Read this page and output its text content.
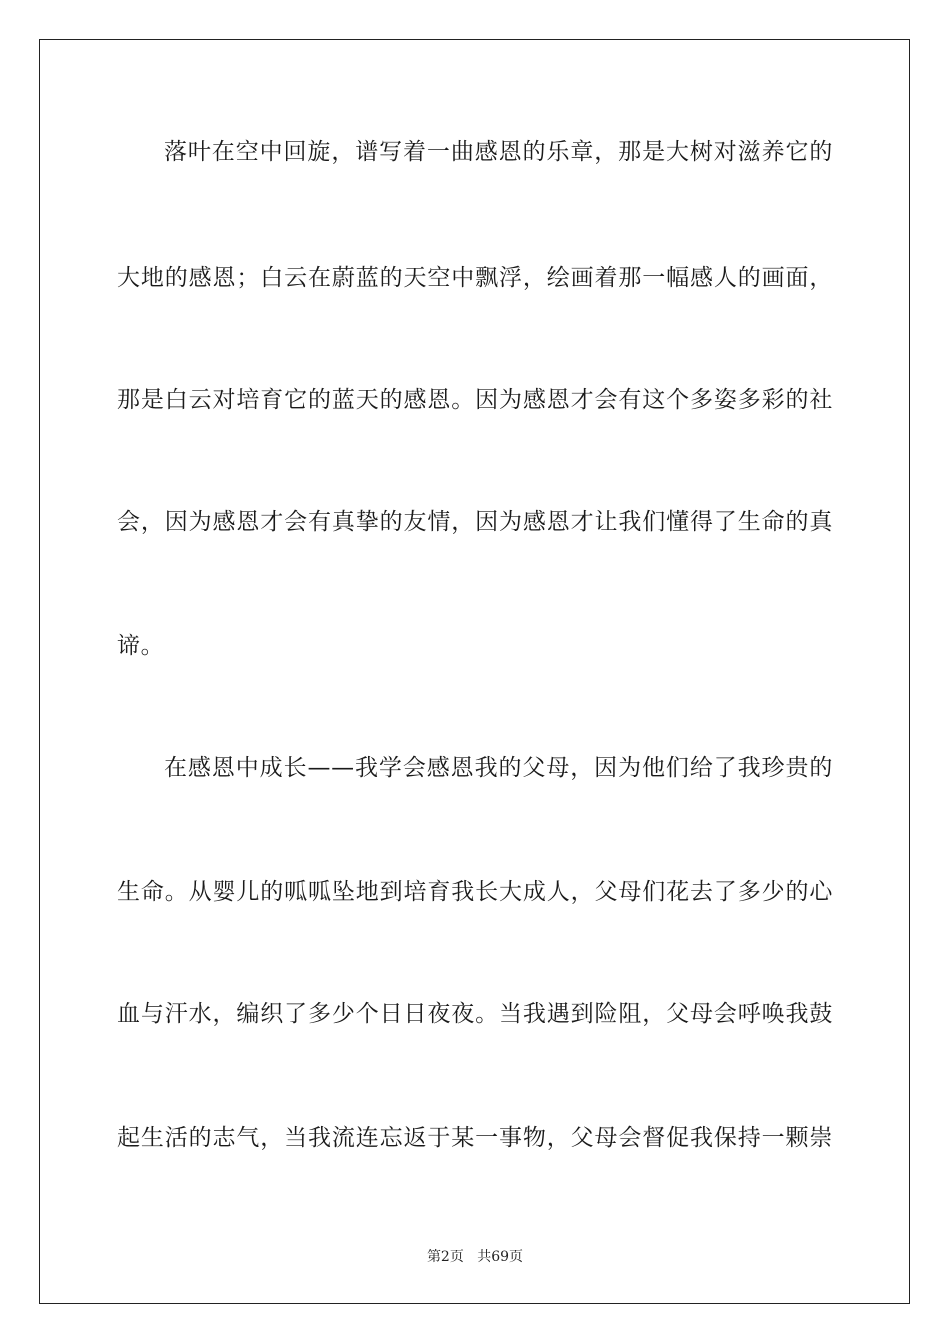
落叶在空中回旋，谱写着一曲感恩的乐章，那是大树对滋养它的
大地的感恩；白云在蔚蓝的天空中飘浮，绘画着那一幅感人的画面，
那是白云对培育它的蓝天的感恩。因为感恩才会有这个多姿多彩的社
会，因为感恩才会有真挚的友情，因为感恩才让我们懂得了生命的真
谛。
在感恩中成长——我学会感恩我的父母，因为他们给了我珍贵的
生命。从婴儿的呱呱坠地到培育我长大成人，父母们花去了多少的心
血与汗水，编织了多少个日日夜夜。当我遇到险阻，父母会呼唤我鼓
起生活的志气，当我流连忘返于某一事物，父母会督促我保持一颗崇
第2页 共69页
